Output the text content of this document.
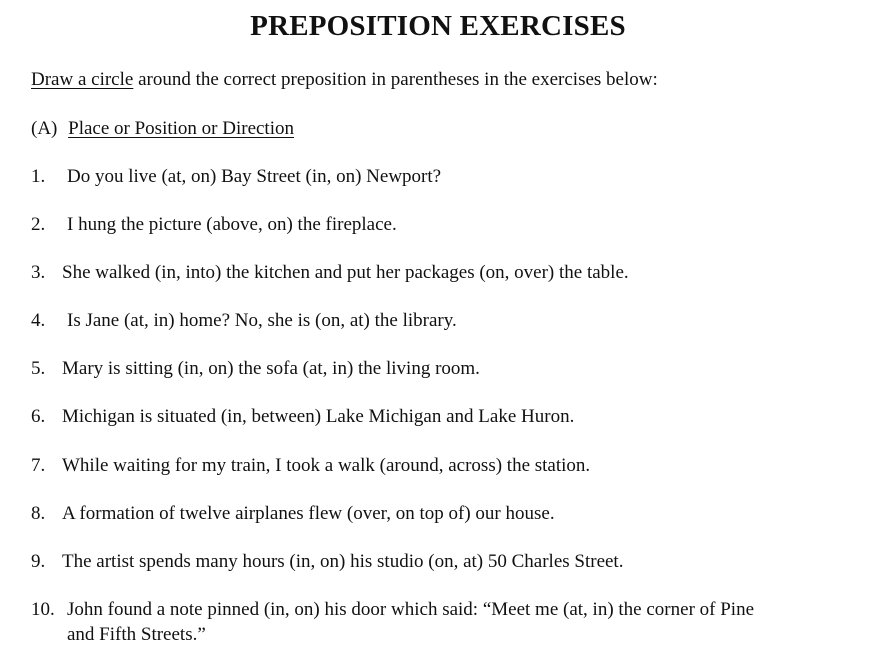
PREPOSITION EXERCISES
Draw a circle around the correct preposition in parentheses in the exercises below:
(A) Place or Position or Direction
1. Do you live (at, on) Bay Street (in, on) Newport?
2. I hung the picture (above, on) the fireplace.
3. She walked (in, into) the kitchen and put her packages (on, over) the table.
4. Is Jane (at, in) home? No, she is (on, at) the library.
5. Mary is sitting (in, on) the sofa (at, in) the living room.
6. Michigan is situated (in, between) Lake Michigan and Lake Huron.
7. While waiting for my train, I took a walk (around, across) the station.
8. A formation of twelve airplanes flew (over, on top of) our house.
9. The artist spends many hours (in, on) his studio (on, at) 50 Charles Street.
10. John found a note pinned (in, on) his door which said: “Meet me (at, in) the corner of Pine
and Fifth Streets.”
